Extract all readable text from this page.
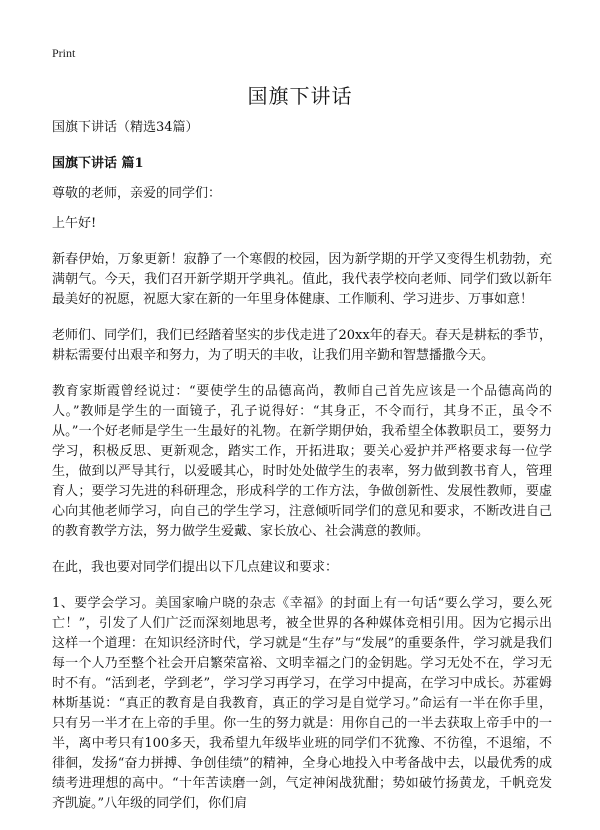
Print
国旗下讲话

国旗下讲话（精选34篇）

国旗下讲话 篇1

尊敬的老师，亲爱的同学们：

上午好!

新春伊始，万象更新！寂静了一个寒假的校园，因为新学期的开学又变得生机勃勃，充满朝气。今天，我们召开新学期开学典礼。值此，我代表学校向老师、同学们致以新年最美好的祝愿，祝愿大家在新的一年里身体健康、工作顺利、学习进步、万事如意！

老师们、同学们，我们已经踏着坚实的步伐走进了20xx年的春天。春天是耕耘的季节，耕耘需要付出艰辛和努力，为了明天的丰收，让我们用辛勤和智慧播撒今天。

教育家斯霞曾经说过：“要使学生的品德高尚，教师自己首先应该是一个品德高尚的人。”教师是学生的一面镜子，孔子说得好：“其身正，不令而行，其身不正，虽令不从。”一个好老师是学生一生最好的礼物。在新学期伊始，我希望全体教职员工，要努力学习，积极反思、更新观念，踏实工作，开拓进取；要关心爱护并严格要求每一位学生，做到以严导其行，以爱暖其心，时时处处做学生的表率，努力做到教书育人，管理育人；要学习先进的科研理念，形成科学的工作方法，争做创新性、发展性教师，要虚心向其他老师学习，向自己的学生学习，注意倾听同学们的意见和要求，不断改进自己的教育教学方法，努力做学生爱戴、家长放心、社会满意的教师。

在此，我也要对同学们提出以下几点建议和要求：

1、要学会学习。美国家喻户晓的杂志《幸福》的封面上有一句话“要么学习，要么死亡！”，引发了人们广泛而深刻地思考，被全世界的各种媒体竞相引用。因为它揭示出这样一个道理：在知识经济时代，学习就是“生存”与“发展”的重要条件，学习就是我们每一个人乃至整个社会开启繁荣富裕、文明幸福之门的金钥匙。学习无处不在，学习无时不有。“活到老，学到老”，学习学习再学习，在学习中提高，在学习中成长。苏霍姆林斯基说：“真正的教育是自我教育，真正的学习是自觉学习。”命运有一半在你手里，只有另一半才在上帝的手里。你一生的努力就是：用你自己的一半去获取上帝手中的一半，离中考只有100多天，我希望九年级毕业班的同学们不犹豫、不彷徨，不退缩，不徘徊，发扬“奋力拼搏、争创佳绩”的精神，全身心地投入中考备战中去，以最优秀的成绩考进理想的高中。“十年苦读磨一剑，气定神闲战犹酣；势如破竹扬黄龙，千帆竞发齐凯旋。”八年级的同学们，你们肩
